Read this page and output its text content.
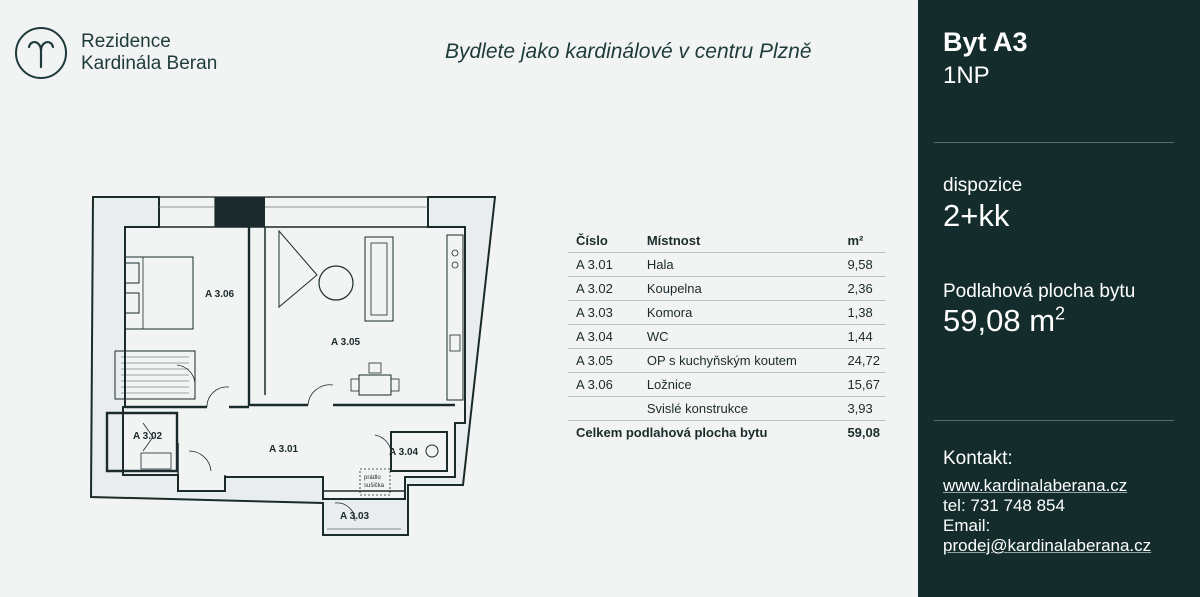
Rezidence
Kardinála Beran
Bydlete jako kardinálové v centru Plzně
A 3.06
A 3.05
A 3.02
A 3.01	A 3.04
A 3.03
prádlo
sušička
Číslo	Místnost	m²
A 3.01	Hala	9,58
A 3.02	Koupelna	2,36
A 3.03	Komora	1,38
A 3.04	WC	1,44
A 3.05	OP s kuchyňským koutem	24,72
A 3.06	Ložnice	15,67
	Svislé konstrukce	3,93
Celkem podlahová plocha bytu		59,08
Byt A3
1NP
dispozice
2+kk
Podlahová plocha bytu
59,08 $m^2$
Kontakt:
www.kardinalaberana.cz
tel: 731 748 854
Email:
prodej@kardinalaberana.cz
